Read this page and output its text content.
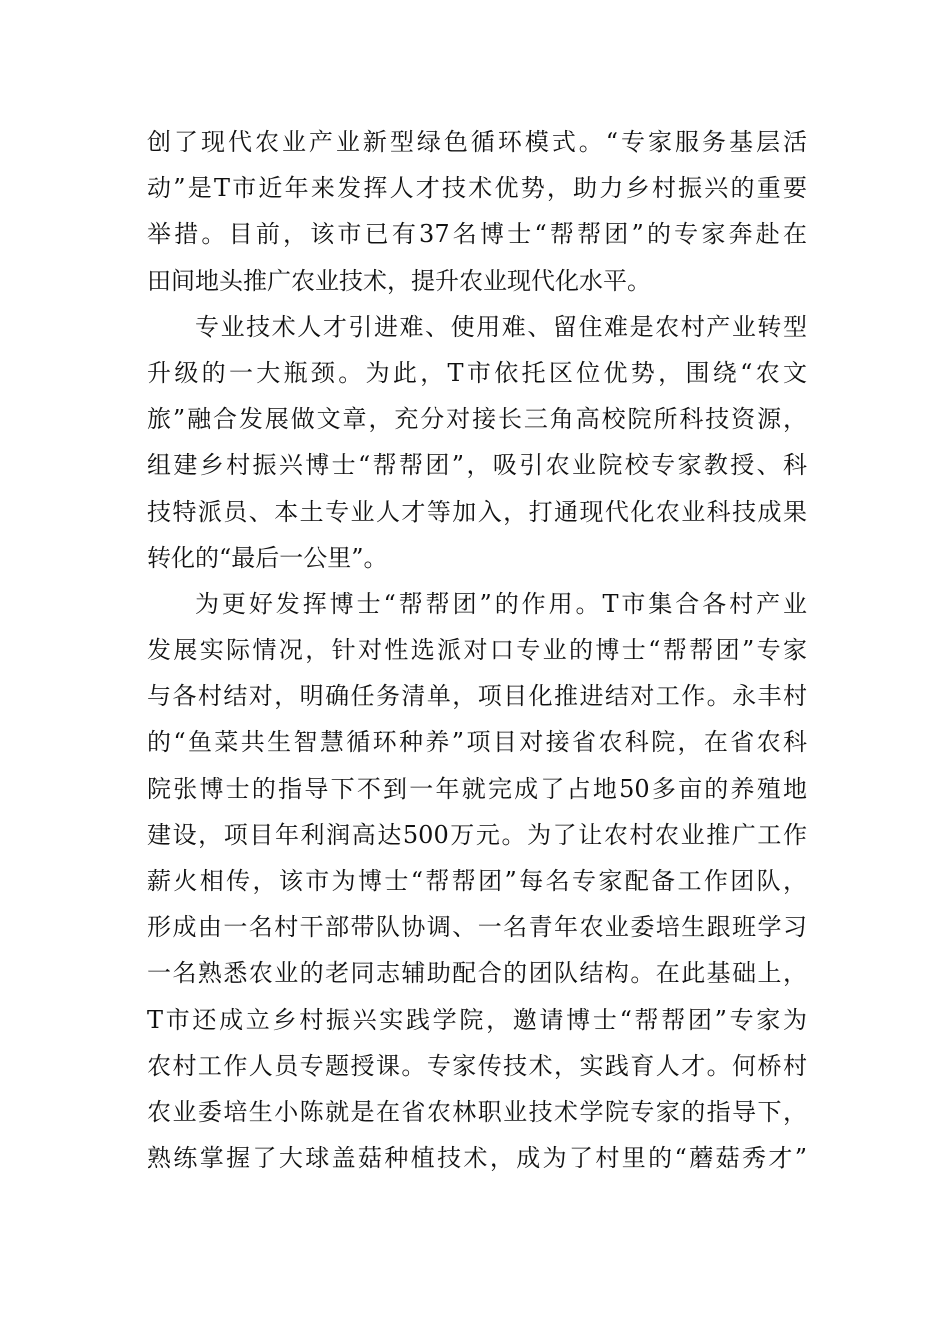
创了现代农业产业新型绿色循环模式。“专家服务基层活
动”是T市近年来发挥人才技术优势，助力乡村振兴的重要
举措。目前，该市已有37名博士“帮帮团”的专家奔赴在
田间地头推广农业技术，提升农业现代化水平。
专业技术人才引进难、使用难、留住难是农村产业转型
升级的一大瓶颈。为此，T市依托区位优势，围绕“农文
旅”融合发展做文章，充分对接长三角高校院所科技资源，
组建乡村振兴博士“帮帮团”，吸引农业院校专家教授、科
技特派员、本土专业人才等加入，打通现代化农业科技成果
转化的“最后一公里”。
为更好发挥博士“帮帮团”的作用。T市集合各村产业
发展实际情况，针对性选派对口专业的博士“帮帮团”专家
与各村结对，明确任务清单，项目化推进结对工作。永丰村
的“鱼菜共生智慧循环种养”项目对接省农科院，在省农科
院张博士的指导下不到一年就完成了占地50多亩的养殖地
建设，项目年利润高达500万元。为了让农村农业推广工作
薪火相传，该市为博士“帮帮团”每名专家配备工作团队，
形成由一名村干部带队协调、一名青年农业委培生跟班学习
一名熟悉农业的老同志辅助配合的团队结构。在此基础上，
T市还成立乡村振兴实践学院，邀请博士“帮帮团”专家为
农村工作人员专题授课。专家传技术，实践育人才。何桥村
农业委培生小陈就是在省农林职业技术学院专家的指导下，
熟练掌握了大球盖菇种植技术，成为了村里的“蘑菇秀才”
